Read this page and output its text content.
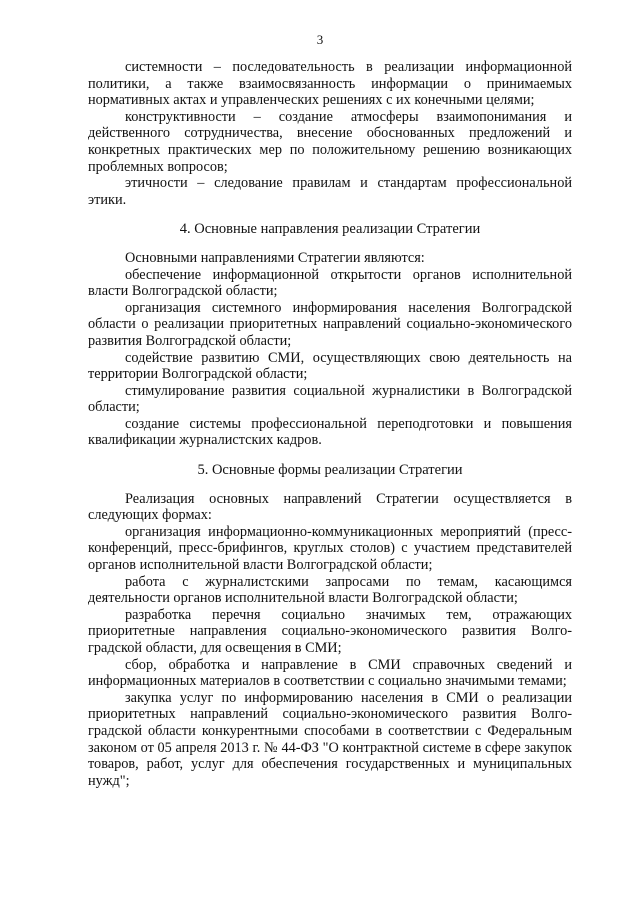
3

системности – последовательность в реализации информационной политики, а также взаимосвязанность информации о принимаемых нормативных актах и управленческих решениях с их конечными целями;

конструктивности – создание атмосферы взаимопонимания и действенного сотрудничества, внесение обоснованных предложений и конкретных практических мер по положительному решению возникающих проблемных вопросов;

этичности – следование правилам и стандартам профессиональной этики.

4. Основные направления реализации Стратегии

Основными направлениями Стратегии являются:

обеспечение информационной открытости органов исполнительной власти Волгоградской области;

организация системного информирования населения Волгоградской области о реализации приоритетных направлений социально-экономического развития Волгоградской области;

содействие развитию СМИ, осуществляющих свою деятельность на территории Волгоградской области;

стимулирование развития социальной журналистики в Волгоградской области;

создание системы профессиональной переподготовки и повышения квалификации журналистских кадров.

5. Основные формы реализации Стратегии

Реализация основных направлений Стратегии осуществляется в следующих формах:

организация информационно-коммуникационных мероприятий (пресс-конференций, пресс-брифингов, круглых столов) с участием представителей органов исполнительной власти Волгоградской области;

работа с журналистскими запросами по темам, касающимся деятельности органов исполнительной власти Волгоградской области;

разработка перечня социально значимых тем, отражающих приоритетные направления социально-экономического развития Волгоградской области, для освещения в СМИ;

сбор, обработка и направление в СМИ справочных сведений и информационных материалов в соответствии с социально значимыми темами;

закупка услуг по информированию населения в СМИ о реализации приоритетных направлений социально-экономического развития Волгоградской области конкурентными способами в соответствии с Федеральным законом от 05 апреля 2013 г. № 44-ФЗ "О контрактной системе в сфере закупок товаров, работ, услуг для обеспечения государственных и муниципальных нужд";
